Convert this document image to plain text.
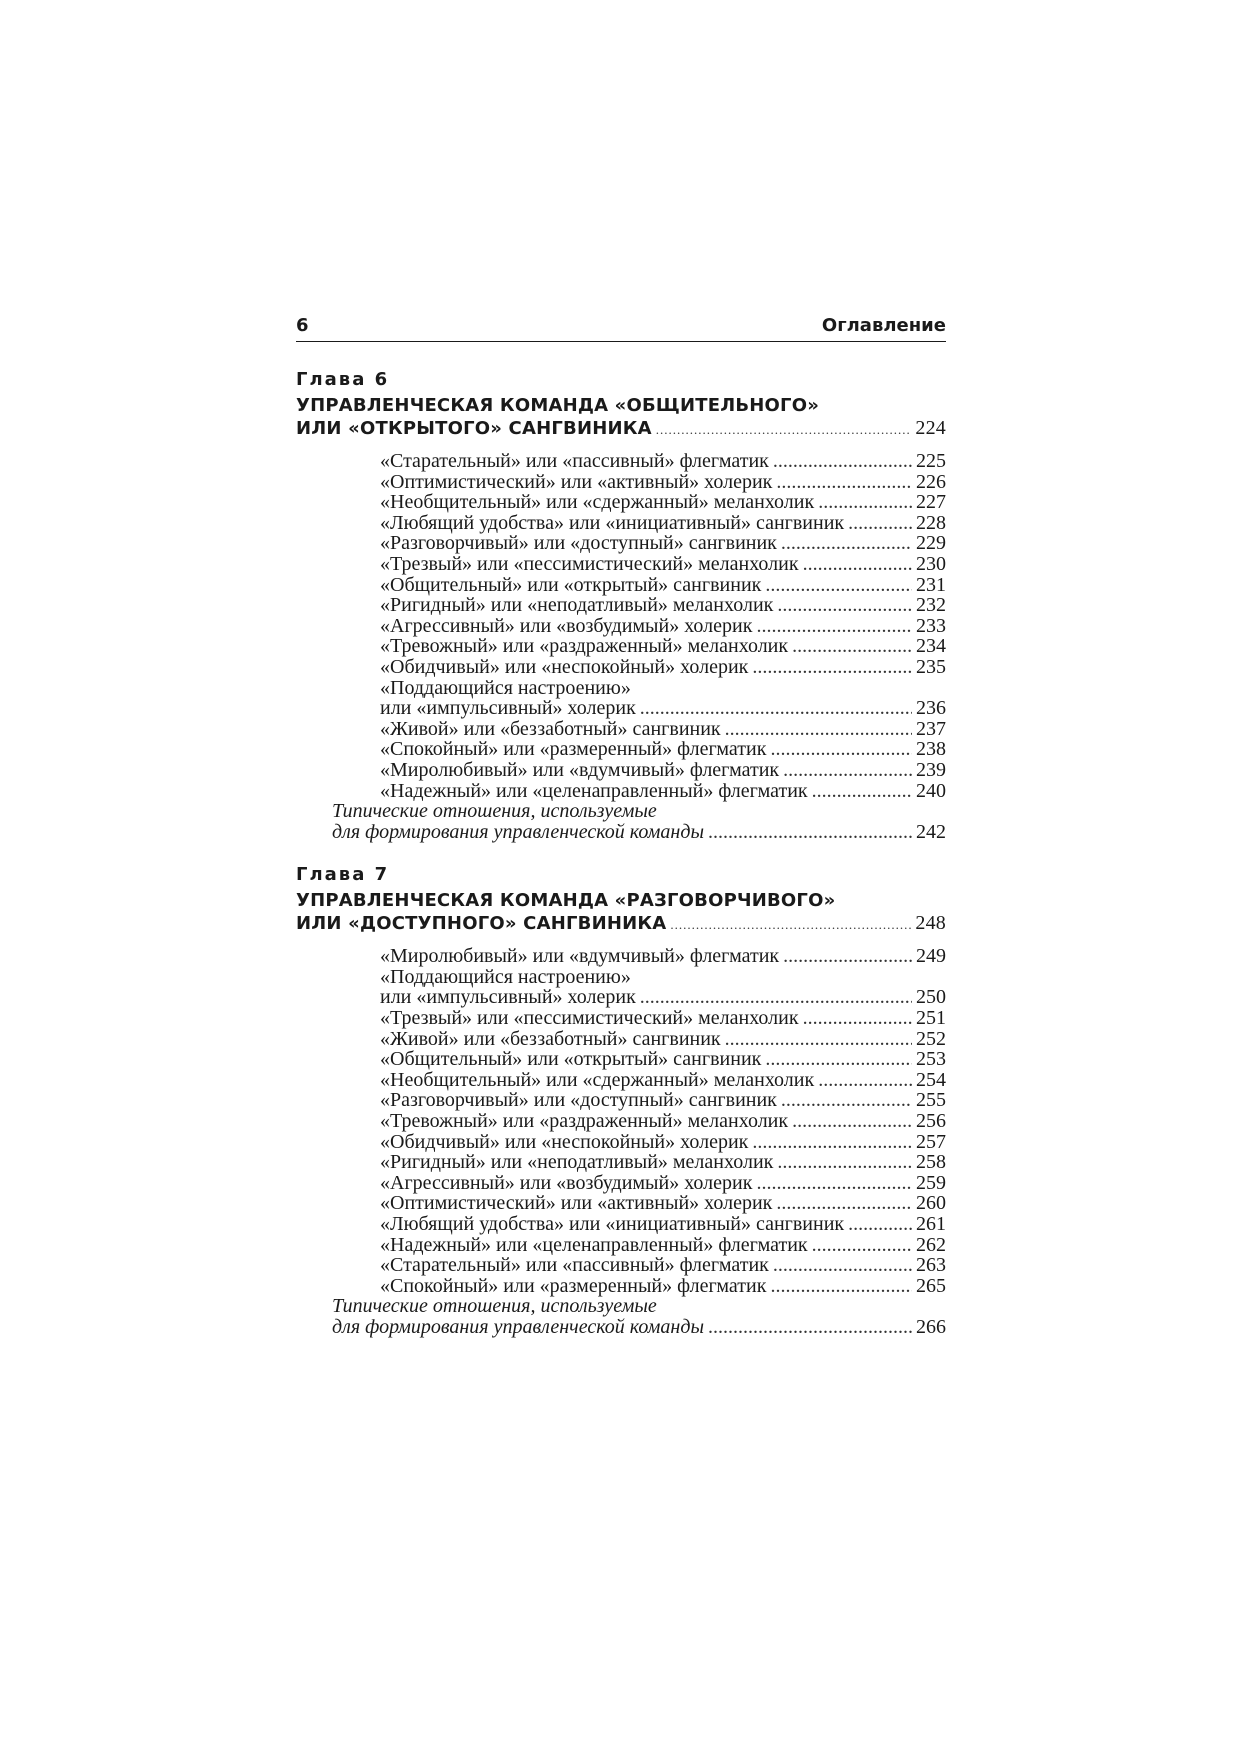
6	Оглавление
Глава 6
УПРАВЛЕНЧЕСКАЯ КОМАНДА «ОБЩИТЕЛЬНОГО»
ИЛИ «ОТКРЫТОГО» САНГВИНИКА .....	224
«Старательный» или «пассивный» флегматик .....	225
«Оптимистический» или «активный» холерик .....	226
«Необщительный» или «сдержанный» меланхолик .....	227
«Любящий удобства» или «инициативный» сангвиник .....	228
«Разговорчивый» или «доступный» сангвиник .....	229
«Трезвый» или «пессимистический» меланхолик .....	230
«Общительный» или «открытый» сангвиник .....	231
«Ригидный» или «неподатливый» меланхолик .....	232
«Агрессивный» или «возбудимый» холерик .....	233
«Тревожный» или «раздраженный» меланхолик .....	234
«Обидчивый» или «неспокойный» холерик .....	235
«Поддающийся настроению»
или «импульсивный» холерик .....	236
«Живой» или «беззаботный» сангвиник .....	237
«Спокойный» или «размеренный» флегматик .....	238
«Миролюбивый» или «вдумчивый» флегматик .....	239
«Надежный» или «целенаправленный» флегматик .....	240
Типические отношения, используемые
для формирования управленческой команды .....	242
Глава 7
УПРАВЛЕНЧЕСКАЯ КОМАНДА «РАЗГОВОРЧИВОГО»
ИЛИ «ДОСТУПНОГО» САНГВИНИКА .....	248
«Миролюбивый» или «вдумчивый» флегматик .....	249
«Поддающийся настроению»
или «импульсивный» холерик .....	250
«Трезвый» или «пессимистический» меланхолик .....	251
«Живой» или «беззаботный» сангвиник .....	252
«Общительный» или «открытый» сангвиник .....	253
«Необщительный» или «сдержанный» меланхолик .....	254
«Разговорчивый» или «доступный» сангвиник .....	255
«Тревожный» или «раздраженный» меланхолик .....	256
«Обидчивый» или «неспокойный» холерик .....	257
«Ригидный» или «неподатливый» меланхолик .....	258
«Агрессивный» или «возбудимый» холерик .....	259
«Оптимистический» или «активный» холерик .....	260
«Любящий удобства» или «инициативный» сангвиник .....	261
«Надежный» или «целенаправленный» флегматик .....	262
«Старательный» или «пассивный» флегматик .....	263
«Спокойный» или «размеренный» флегматик .....	265
Типические отношения, используемые
для формирования управленческой команды .....	266
